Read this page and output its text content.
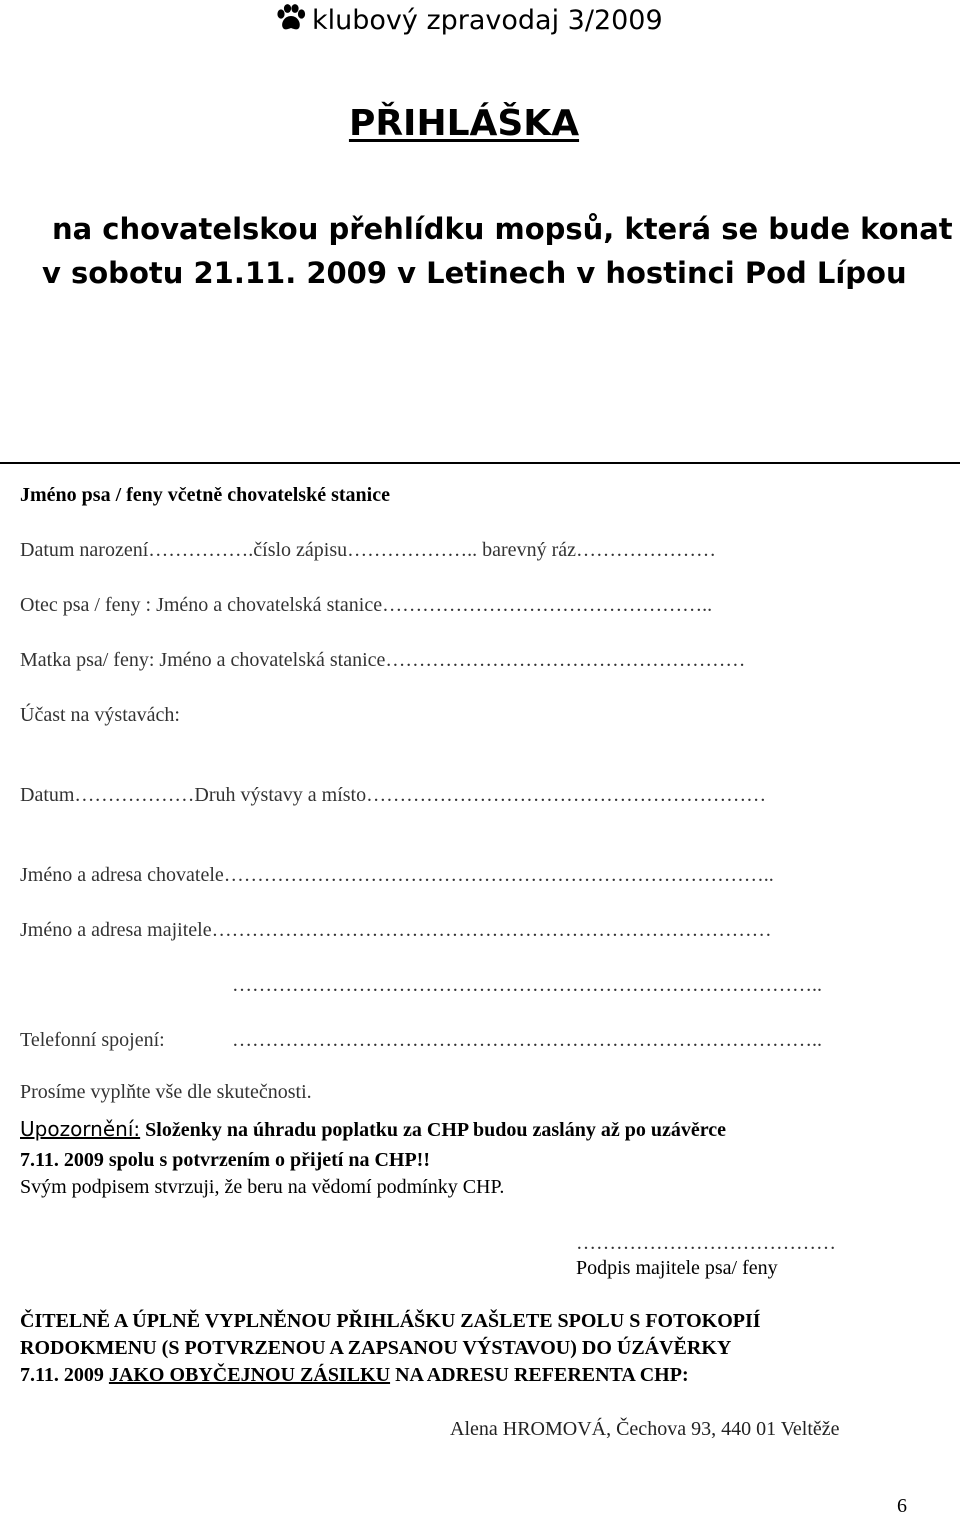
klubový zpravodaj 3/2009
PŘIHLÁŠKA
na chovatelskou přehlídku mopsů, která se bude konat
v sobotu 21.11. 2009 v Letinech v hostinci Pod Lípou
Jméno psa / feny včetně chovatelské stanice
Datum narození…………….číslo zápisu……………….. barevný ráz…………………
Otec psa / feny : Jméno a chovatelská stanice…………………………………………..
Matka psa/ feny: Jméno a chovatelská stanice………………………………………………
Účast na výstavách:
Datum………………Druh výstavy a místo……………………………………………………
Jméno a adresa chovatele………………………………………………………………………..
Jméno a adresa majitele…………………………………………………………………………
……………………………………………………………………………..
Telefonní spojení:	……………………………………………………………………………..
Prosíme vyplňte vše dle skutečnosti.
Upozornění: Složenky na úhradu poplatku za CHP budou zaslány až po uzávěrce
7.11. 2009 spolu s potvrzením o přijetí na CHP!!
Svým podpisem stvrzuji, že beru na vědomí podmínky CHP.
…………………………………
Podpis majitele psa/ feny
ČITELNĚ A ÚPLNĚ VYPLNĚNOU PŘIHLÁŠKU ZAŠLETE SPOLU S FOTOKOPIÍ
RODOKMENU (S POTVRZENOU A ZAPSANOU VÝSTAVOU) DO ÚZÁVĚRKY
7.11. 2009 JAKO OBYČEJNOU ZÁSILKU NA ADRESU REFERENTA CHP:
Alena HROMOVÁ, Čechova 93, 440 01 Veltěže
6
